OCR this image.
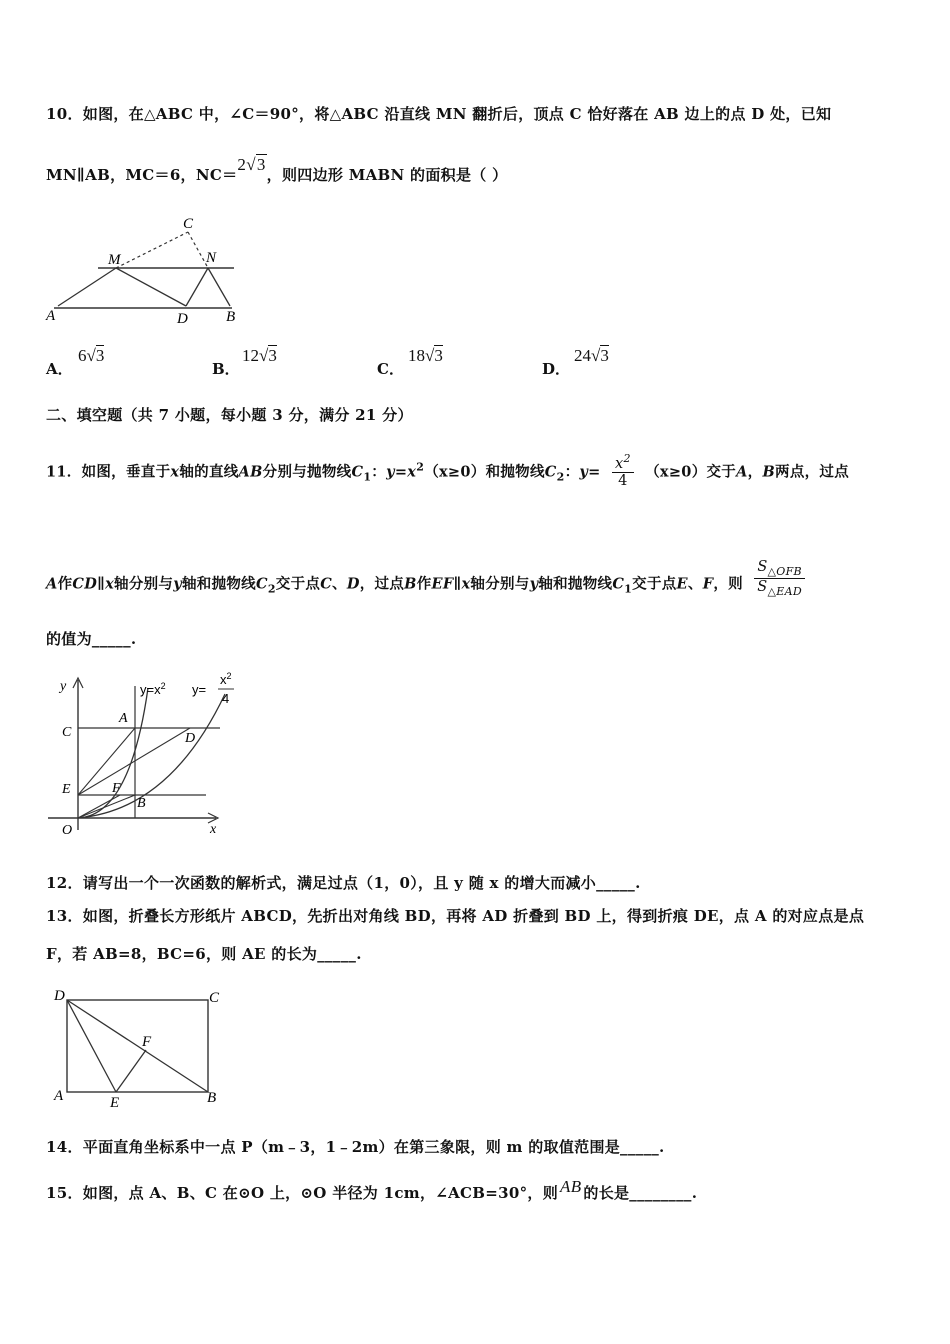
10．如图，在△ABC 中，∠C＝90°，将△ABC 沿直线 MN 翻折后，顶点 C 恰好落在 AB 边上的点 D 处，已知
MN∥AB，MC＝6，NC＝2√3，则四边形 MABN 的面积是（ ）
C
M	N
A	D	B
A．
6√3
B．
12√3
C．
18√3
D．
24√3
二、填空题（共 7 小题，每小题 3 分，满分 21 分）
11．如图，垂直于x轴的直线AB分别与抛物线$C_1$：$y=x^2(x\ge 0)$和抛物线$C_2$：$y= \frac{x^2}{4} (x\ge 0)$交于A，B两点，过点
A作CD∥x轴分别与y轴和抛物线$C_2$交于点C、D，过点B作EF∥x轴分别与y轴和抛物线$C_1$交于点E、F，则 $\frac{S_{\triangle OFB}}{S_{\triangle EAD}}$
的值为_____.
y
x
O
C
E
A
D
F
B
$y=x^2$ y=
$x^2$
4
12．请写出一个一次函数的解析式，满足过点（1，0），且 y 随 x 的增大而减小_____.
13．如图，折叠长方形纸片 ABCD，先折出对角线 BD，再将 AD 折叠到 BD 上，得到折痕 DE，点 A 的对应点是点
F，若 AB=8，BC=6，则 AE 的长为_____.
D	C
F
A	E	B
14．平面直角坐标系中一点 P（m﹣3，1﹣2m）在第三象限，则 m 的取值范围是_____.
15．如图，点 A、B、C 在⊙O 上，⊙O 半径为 1cm，∠ACB=30°，则 AB 的长是________.
